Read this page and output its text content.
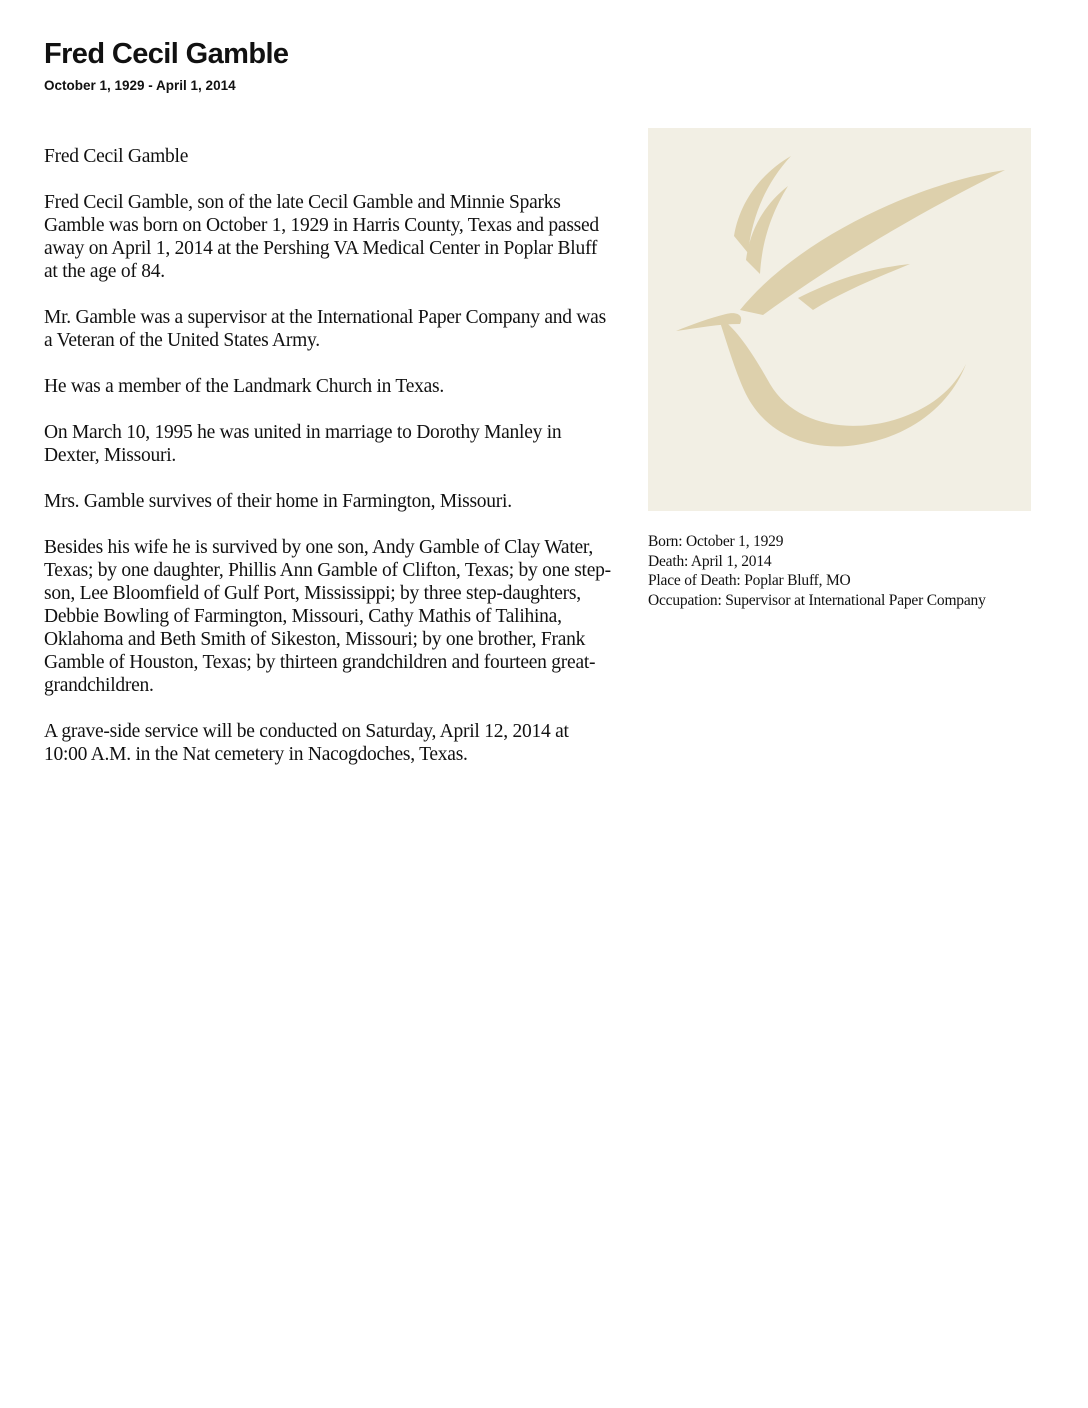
Fred Cecil Gamble
October 1, 1929 - April 1, 2014

Fred Cecil Gamble

Fred Cecil Gamble, son of the late Cecil Gamble and Minnie Sparks Gamble was born on October 1, 1929 in Harris County, Texas and passed away on April 1, 2014 at the Pershing VA Medical Center in Poplar Bluff at the age of 84.

Mr. Gamble was a supervisor at the International Paper Company and was a Veteran of the United States Army.

He was a member of the Landmark Church in Texas.

On March 10, 1995 he was united in marriage to Dorothy Manley in Dexter, Missouri.

Mrs. Gamble survives of their home in Farmington, Missouri.

Besides his wife he is survived by one son, Andy Gamble of Clay Water, Texas; by one daughter, Phillis Ann Gamble of Clifton, Texas; by one step-son, Lee Bloomfield of Gulf Port, Mississippi; by three step-daughters, Debbie Bowling of Farmington, Missouri, Cathy Mathis of Talihina, Oklahoma and Beth Smith of Sikeston, Missouri; by one brother, Frank Gamble of Houston, Texas; by thirteen grandchildren and fourteen great-grandchildren.

A grave-side service will be conducted on Saturday, April 12, 2014 at 10:00 A.M. in the Nat cemetery in Nacogdoches, Texas.

Born: October 1, 1929
Death: April 1, 2014
Place of Death: Poplar Bluff, MO
Occupation: Supervisor at International Paper Company
